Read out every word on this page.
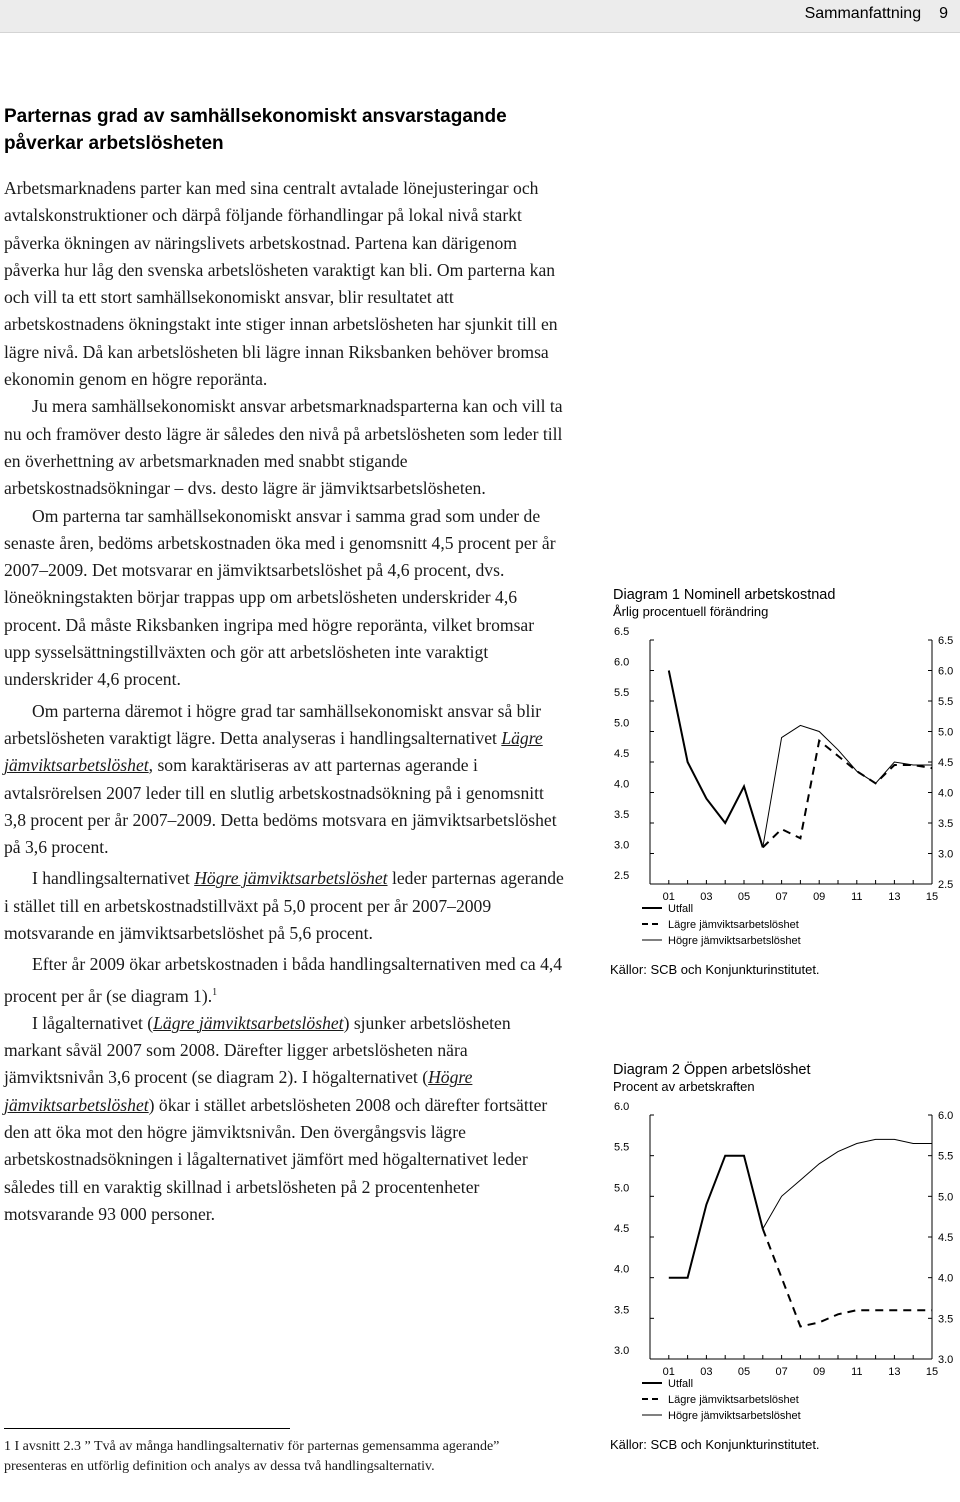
Sammanfattning 9
Parternas grad av samhällsekonomiskt ansvarstagande påverkar arbetslösheten

Arbetsmarknadens parter kan med sina centralt avtalade lönejusteringar och avtalskonstruktioner och därpå följande förhandlingar på lokal nivå starkt påverka ökningen av näringslivets arbetskostnad. Partena kan därigenom påverka hur låg den svenska arbetslösheten varaktigt kan bli. Om parterna kan och vill ta ett stort samhällsekonomiskt ansvar, blir resultatet att arbetskostnadens ökningstakt inte stiger innan arbetslösheten har sjunkit till en lägre nivå. Då kan arbetslösheten bli lägre innan Riksbanken behöver bromsa ekonomin genom en högre reporänta.

Ju mera samhällsekonomiskt ansvar arbetsmarknadsparterna kan och vill ta nu och framöver desto lägre är således den nivå på arbetslösheten som leder till en överhettning av arbetsmarknaden med snabbt stigande arbetskostnadsökningar – dvs. desto lägre är jämviktsarbetslösheten.

Om parterna tar samhällsekonomiskt ansvar i samma grad som under de senaste åren, bedöms arbetskostnaden öka med i genomsnitt 4,5 procent per år 2007–2009. Det motsvarar en jämviktsarbetslöshet på 4,6 procent, dvs. löneökningstakten börjar trappas upp om arbetslösheten underskrider 4,6 procent. Då måste Riksbanken ingripa med högre reporänta, vilket bromsar upp sysselsättningstillväxten och gör att arbetslösheten inte varaktigt underskrider 4,6 procent.

Om parterna däremot i högre grad tar samhällsekonomiskt ansvar så blir arbetslösheten varaktigt lägre. Detta analyseras i handlingsalternativet Lägre jämviktsarbetslöshet, som karaktäriseras av att parternas agerande i avtalsrörelsen 2007 leder till en slutlig arbetskostnadsökning på i genomsnitt 3,8 procent per år 2007–2009. Detta bedöms motsvara en jämviktsarbetslöshet på 3,6 procent.

I handlingsalternativet Högre jämviktsarbetslöshet leder parternas agerande i stället till en arbetskostnadstillväxt på 5,0 procent per år 2007–2009 motsvarande en jämviktsarbetslöshet på 5,6 procent.

Efter år 2009 ökar arbetskostnaden i båda handlingsalternativen med ca 4,4 procent per år (se diagram 1).$^1$

I lågalternativet (Lägre jämviktsarbetslöshet) sjunker arbetslösheten markant såväl 2007 som 2008. Därefter ligger arbetslösheten nära jämviktsnivån 3,6 procent (se diagram 2). I högalternativet (Högre jämviktsarbetslöshet) ökar i stället arbetslösheten 2008 och därefter fortsätter den att öka mot den högre jämviktsnivån. Den övergångsvis lägre arbetskostnadsökningen i lågalternativet jämfört med högalternativet leder således till en varaktig skillnad i arbetslösheten på 2 procentenheter motsvarande 93 000 personer.

1 I avsnitt 2.3 ” Två av många handlingsalternativ för parternas gemensamma agerande” presenteras en utförlig definition och analys av dessa två handlingsalternativ.
Diagram 1 Nominell arbetskostnad
Årlig procentuell förändring
6.5
6.5
6.0
6.0
5.5
5.5
5.0
5.0
4.5
4.5
4.0
4.0
3.5
3.5
3.0
3.0
2.5
2.5
01 03 05 07 09 11 13 15
Utfall
Lägre jämviktsarbetslöshet
Högre jämviktsarbetslöshet
Källor: SCB och Konjunkturinstitutet.
Diagram 2 Öppen arbetslöshet
Procent av arbetskraften
6.0
6.0
5.5
5.5
5.0
5.0
4.5
4.5
4.0
4.0
3.5
3.5
3.0
3.0
01 03 05 07 09 11 13 15
Utfall
Lägre jämviktsarbetslöshet
Högre jämviktsarbetslöshet
Källor: SCB och Konjunkturinstitutet.
